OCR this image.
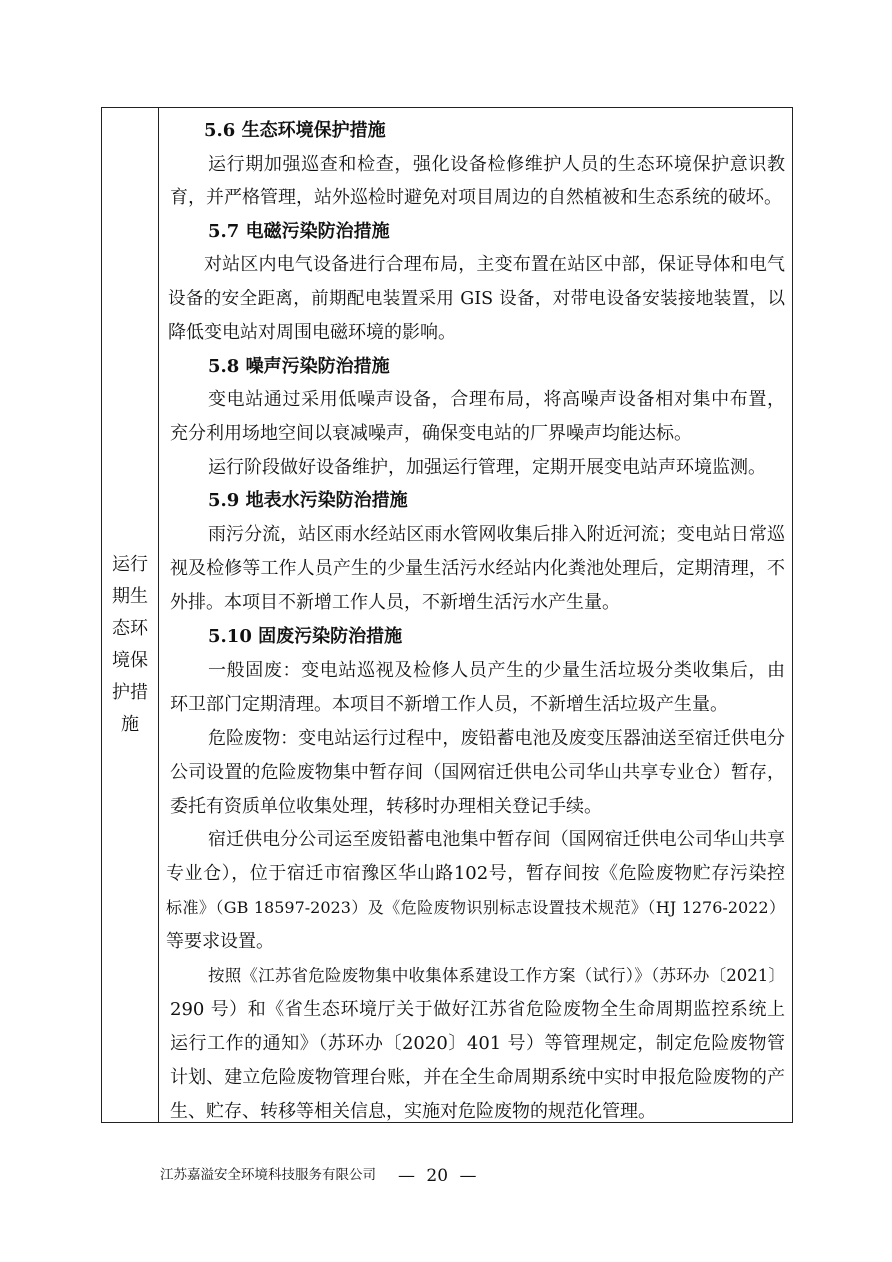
运行
期生
态环
境保
护措
施
5.6 生态环境保护措施
运行期加强巡查和检查，强化设备检修维护人员的生态环境保护意识教
育，并严格管理，站外巡检时避免对项目周边的自然植被和生态系统的破坏。
5.7 电磁污染防治措施
对站区内电气设备进行合理布局，主变布置在站区中部，保证导体和电气
设备的安全距离，前期配电装置采用 GIS 设备，对带电设备安装接地装置，以
降低变电站对周围电磁环境的影响。
5.8 噪声污染防治措施
变电站通过采用低噪声设备，合理布局，将高噪声设备相对集中布置，
充分利用场地空间以衰减噪声，确保变电站的厂界噪声均能达标。
运行阶段做好设备维护，加强运行管理，定期开展变电站声环境监测。
5.9 地表水污染防治措施
雨污分流，站区雨水经站区雨水管网收集后排入附近河流；变电站日常巡
视及检修等工作人员产生的少量生活污水经站内化粪池处理后，定期清理，不
外排。本项目不新增工作人员，不新增生活污水产生量。
5.10 固废污染防治措施
一般固废：变电站巡视及检修人员产生的少量生活垃圾分类收集后，由
环卫部门定期清理。本项目不新增工作人员，不新增生活垃圾产生量。
危险废物：变电站运行过程中，废铅蓄电池及废变压器油送至宿迁供电分
公司设置的危险废物集中暂存间（国网宿迁供电公司华山共享专业仓）暂存，
委托有资质单位收集处理，转移时办理相关登记手续。
宿迁供电分公司运至废铅蓄电池集中暂存间（国网宿迁供电公司华山共享
专业仓），位于宿迁市宿豫区华山路102号，暂存间按《危险废物贮存污染控
标准》（GB 18597-2023）及《危险废物识别标志设置技术规范》（HJ 1276-2022）
等要求设置。
按照《江苏省危险废物集中收集体系建设工作方案（试行）》（苏环办〔2021〕
290 号）和《省生态环境厅关于做好江苏省危险废物全生命周期监控系统上
运行工作的通知》（苏环办〔2020〕401 号）等管理规定，制定危险废物管
计划、建立危险废物管理台账，并在全生命周期系统中实时申报危险废物的产
生、贮存、转移等相关信息，实施对危险废物的规范化管理。
江苏嘉溢安全环境科技服务有限公司 — 20 —
